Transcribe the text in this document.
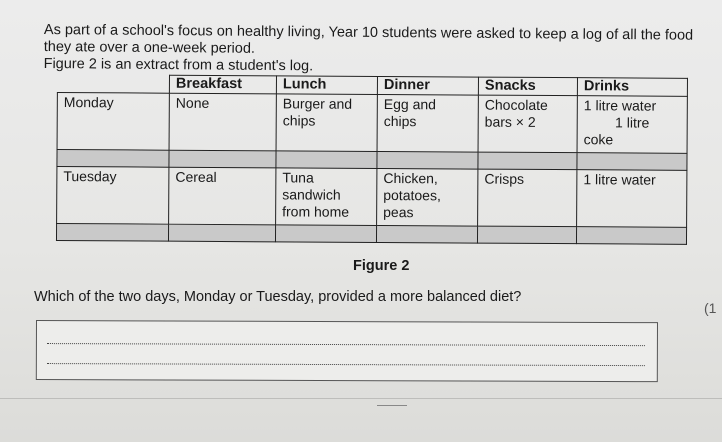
As part of a school's focus on healthy living, Year 10 students were asked to keep a log of all the food

they ate over a one-week period.

Figure 2 is an extract from a student's log.

	Breakfast	Lunch	Dinner	Snacks	Drinks
Monday	None	Burger and
chips	Egg and
chips	Chocolate
bars × 2	1 litre water
1 litre
coke

Tuesday	Cereal	Tuna
sandwich
from home	Chicken,
potatoes,
peas	Crisps	1 litre water

Figure 2
Which of the two days, Monday or Tuesday, provided a more balanced diet?
(1
